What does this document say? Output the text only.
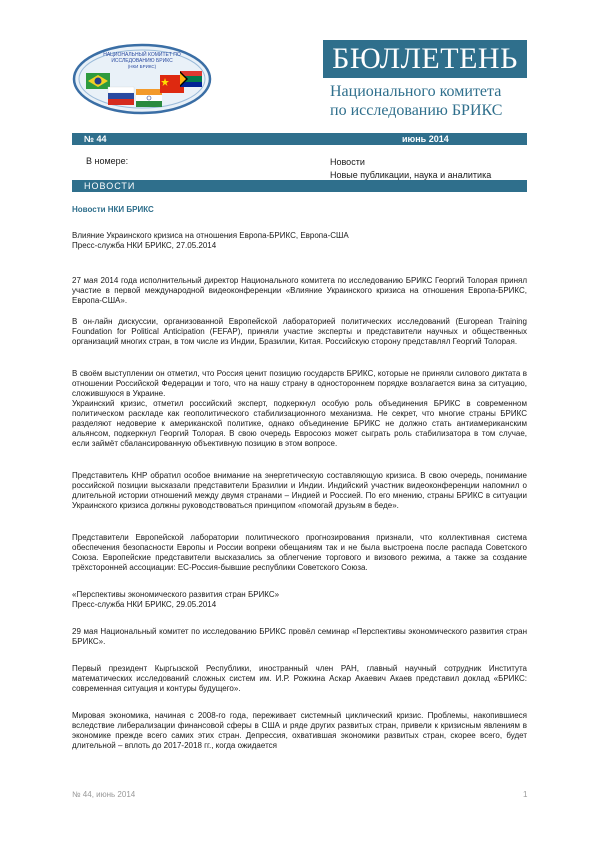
НАЦИОНАЛЬНЫЙ КОМИТЕТ ПО
ИССЛЕДОВАНИЮ БРИКС
(НКИ БРИКС)	БЮЛЛЕТЕНЬ
Национального комитета
по исследованию БРИКС
№ 44	июнь 2014
В номере:	Новости
Новые публикации, наука и аналитика
НОВОСТИ

Новости НКИ БРИКС

Влияние Украинского кризиса на отношения Европа-БРИКС, Европа-США

Пресс-служба НКИ БРИКС, 27.05.2014

27 мая 2014 года исполнительный директор Национального комитета по исследованию БРИКС Георгий Толорая принял участие в первой международной видеоконференции «Влияние Украинского кризиса на отношения Европа-БРИКС, Европа-США».

В он-лайн дискуссии, организованной Европейской лабораторией политических исследований (European Training Foundation for Political Anticipation (FEFAP), приняли участие эксперты и представители научных и общественных организаций многих стран, в том числе из Индии, Бразилии, Китая. Российскую сторону представлял Георгий Толорая.

В своём выступлении он отметил, что Россия ценит позицию государств БРИКС, которые не приняли силового диктата в отношении Российской Федерации и того, что на нашу страну в одностороннем порядке возлагается вина за ситуацию, сложившуюся в Украине.

Украинский кризис, отметил российский эксперт, подкеркнул особую роль объединения БРИКС в современном политическом раскладе как геополитического стабилизационного механизма. Не секрет, что многие страны БРИКС разделяют недоверие к американской политике, однако объединение БРИКС не должно стать антиамериканским альянсом, подкеркнул Георгий Толорая. В свою очередь Евросоюз может сыграть роль стабилизатора в том случае, если займёт сбалансированную объективную позицию в этом вопросе.

Представитель КНР обратил особое внимание на энергетическую составляющую кризиса. В свою очередь, понимание российской позиции высказали представители Бразилии и Индии. Индийский участник видеоконференции напомнил о длительной истории отношений между двумя странами – Индией и Россией. По его мнению, страны БРИКС в ситуации Украинского кризиса должны руководствоваться принципом «помогай друзьям в беде».

Представители Европейской лаборатории политического прогнозирования признали, что коллективная система обеспечения безопасности Европы и России вопреки обещаниям так и не была выстроена после распада Советского Союза. Европейские представители высказались за облегчение торгового и визового режима, а также за создание трёхсторонней ассоциации: ЕС-Россия-бывшие республики Советского Союза.

«Перспективы экономического развития стран БРИКС»

Пресс-служба НКИ БРИКС, 29.05.2014

29 мая Национальный комитет по исследованию БРИКС провёл семинар «Перспективы экономического развития стран БРИКС».

Первый президент Кыргызской Республики, иностранный член РАН, главный научный сотрудник Института математических исследований сложных систем им. И.Р. Рожкина Аскар Акаевич Акаев представил доклад «БРИКС: современная ситуация и контуры будущего».

Мировая экономика, начиная с 2008-го года, переживает системный циклический кризис. Проблемы, накопившиеся вследствие либерализации финансовой сферы в США и ряде других развитых стран, привели к кризисным явлениям в экономике прежде всего самих этих стран. Депрессия, охватившая экономики развитых стран, скорее всего, будет длительной – вплоть до 2017-2018 гг., когда ожидается

№ 44, июнь 2014	1
